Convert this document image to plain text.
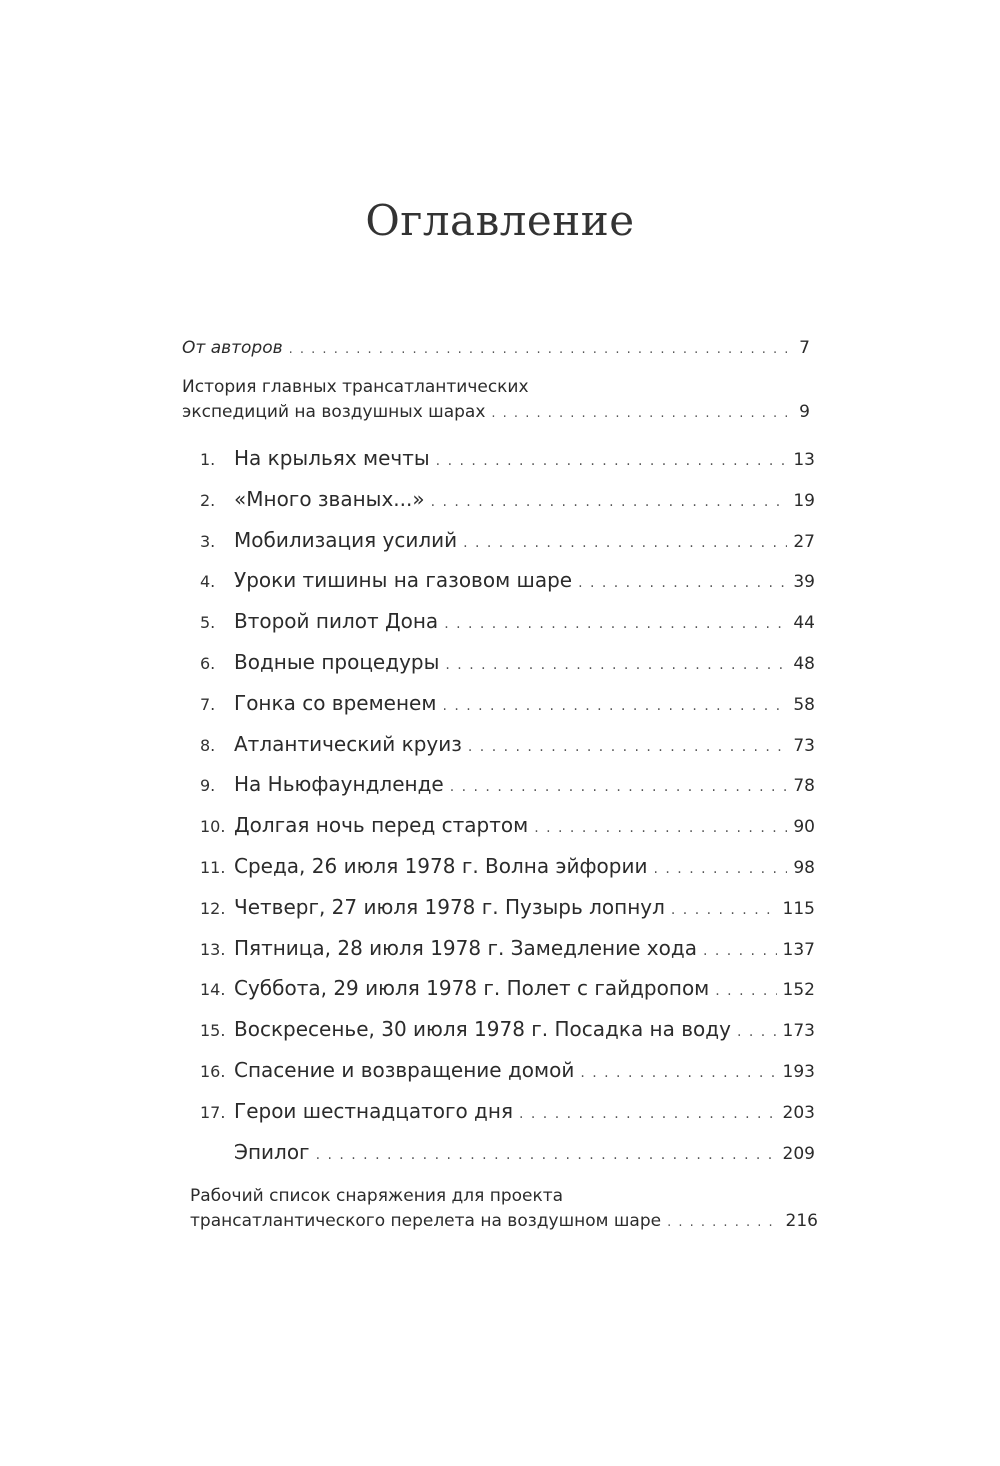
Оглавление
От авторов . . .	7
История главных трансатлантических
экспедиций на воздушных шарах . . .	9
1. На крыльях мечты . . .	13
2. «Много званых...» . . .	19
3. Мобилизация усилий . . .	27
4. Уроки тишины на газовом шаре . . .	39
5. Второй пилот Дона . . .	44
6. Водные процедуры . . .	48
7. Гонка со временем . . .	58
8. Атлантический круиз . . .	73
9. На Ньюфаундленде . . .	78
10. Долгая ночь перед стартом . . .	90
11. Среда, 26 июля 1978 г. Волна эйфории . . .	98
12. Четверг, 27 июля 1978 г. Пузырь лопнул . . .	115
13. Пятница, 28 июля 1978 г. Замедление хода . . .	137
14. Суббота, 29 июля 1978 г. Полет с гайдропом . . .	152
15. Воскресенье, 30 июля 1978 г. Посадка на воду . . .	173
16. Спасение и возвращение домой . . .	193
17. Герои шестнадцатого дня . . .	203
Эпилог . . .	209
Рабочий список снаряжения для проекта
трансатлантического перелета на воздушном шаре . . .	216
